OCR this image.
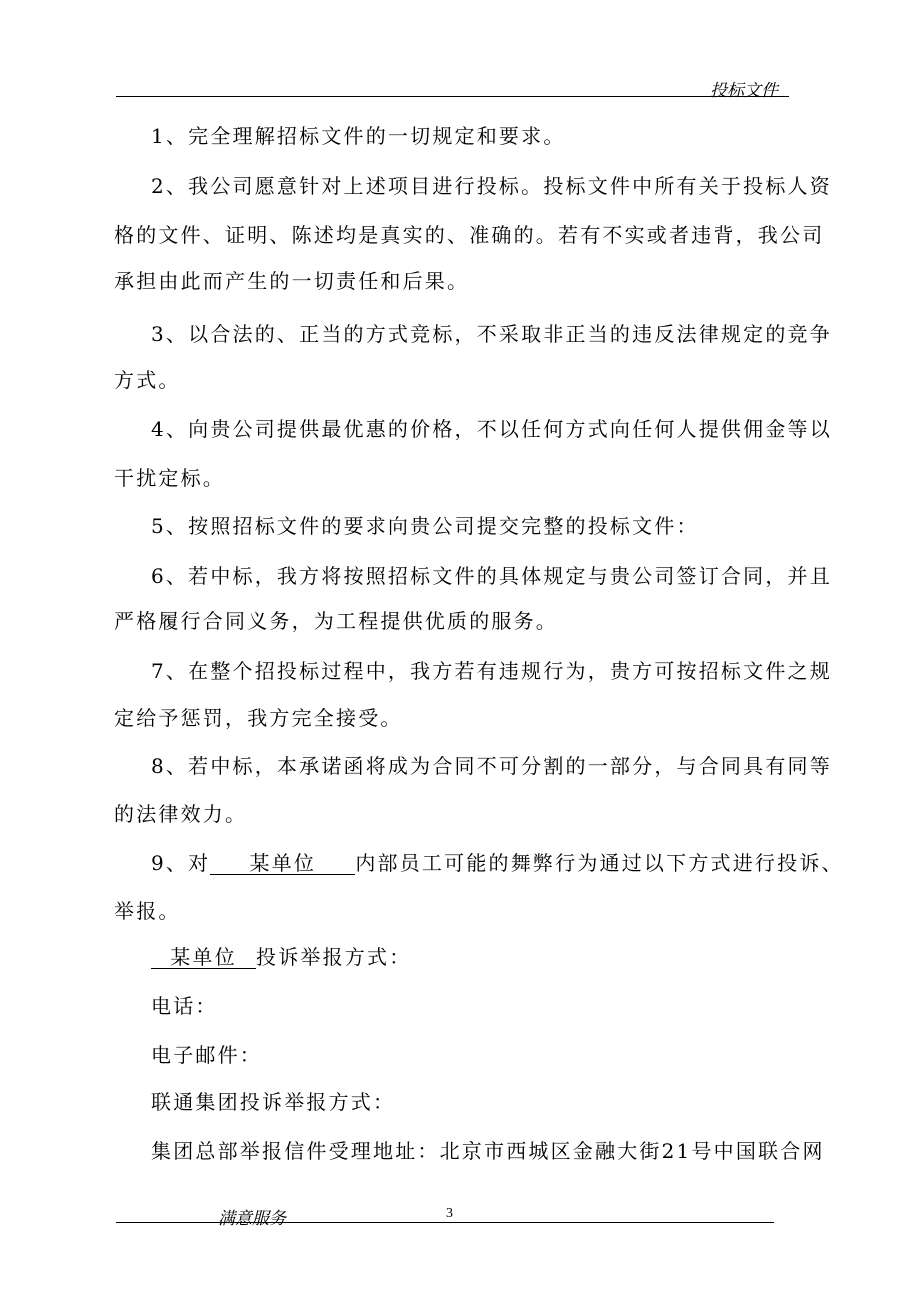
投标文件
1、完全理解招标文件的一切规定和要求。
2、我公司愿意针对上述项目进行投标。投标文件中所有关于投标人资
格的文件、证明、陈述均是真实的、准确的。若有不实或者违背，我公司
承担由此而产生的一切责任和后果。
3、以合法的、正当的方式竞标，不采取非正当的违反法律规定的竞争
方式。
4、向贵公司提供最优惠的价格，不以任何方式向任何人提供佣金等以
干扰定标。
5、按照招标文件的要求向贵公司提交完整的投标文件：
6、若中标，我方将按照招标文件的具体规定与贵公司签订合同，并且
严格履行合同义务，为工程提供优质的服务。
7、在整个招投标过程中，我方若有违规行为，贵方可按招标文件之规
定给予惩罚，我方完全接受。
8、若中标，本承诺函将成为合同不可分割的一部分，与合同具有同等
的法律效力。
9、对 某单位 内部员工可能的舞弊行为通过以下方式进行投诉、
举报。
某单位 投诉举报方式：
电话：
电子邮件：
联通集团投诉举报方式：
集团总部举报信件受理地址：北京市西城区金融大街21号中国联合网
满意服务	3
